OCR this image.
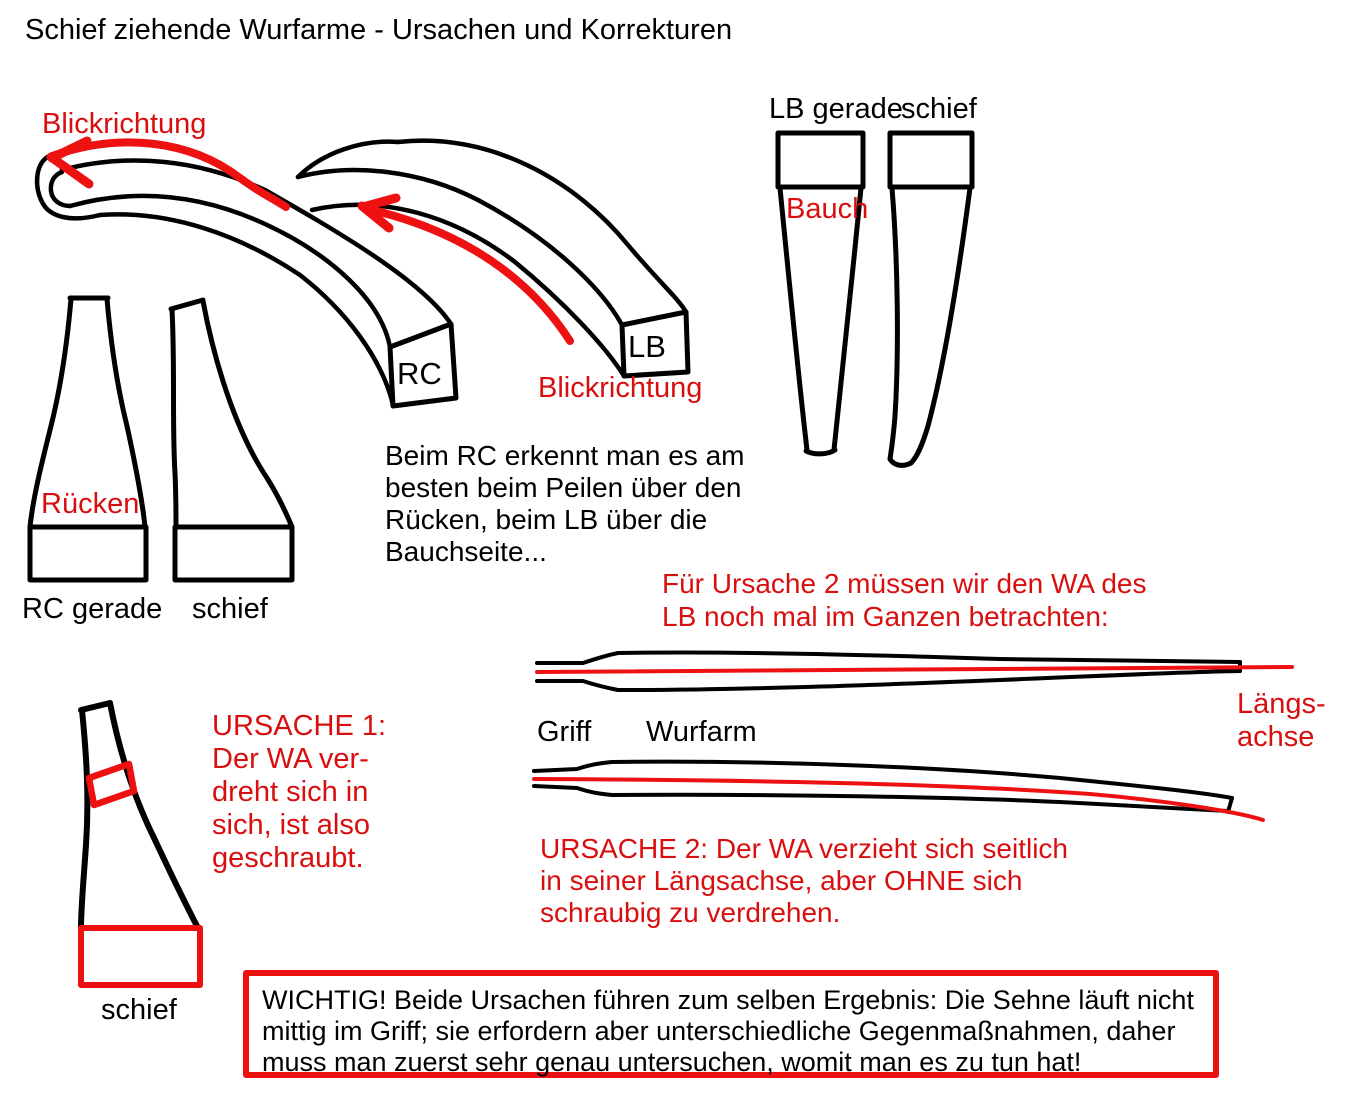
Schief ziehende Wurfarme - Ursachen und Korrekturen
Blickrichtung
Blickrichtung
RC
LB
LB gerade
schief
Bauch
Rücken
RC gerade schief
Beim RC erkennt man es am
besten beim Peilen über den
Rücken, beim LB über die
Bauchseite...
Für Ursache 2 müssen wir den WA des
LB noch mal im Ganzen betrachten:
Griff Wurfarm
Längs-
achse
URSACHE 1:
Der WA ver-
dreht sich in
sich, ist also
geschraubt.
schief
URSACHE 2: Der WA verzieht sich seitlich
in seiner Längsachse, aber OHNE sich
schraubig zu verdrehen.
WICHTIG! Beide Ursachen führen zum selben Ergebnis: Die Sehne läuft nicht
mittig im Griff; sie erfordern aber unterschiedliche Gegenmaßnahmen, daher
muss man zuerst sehr genau untersuchen, womit man es zu tun hat!
